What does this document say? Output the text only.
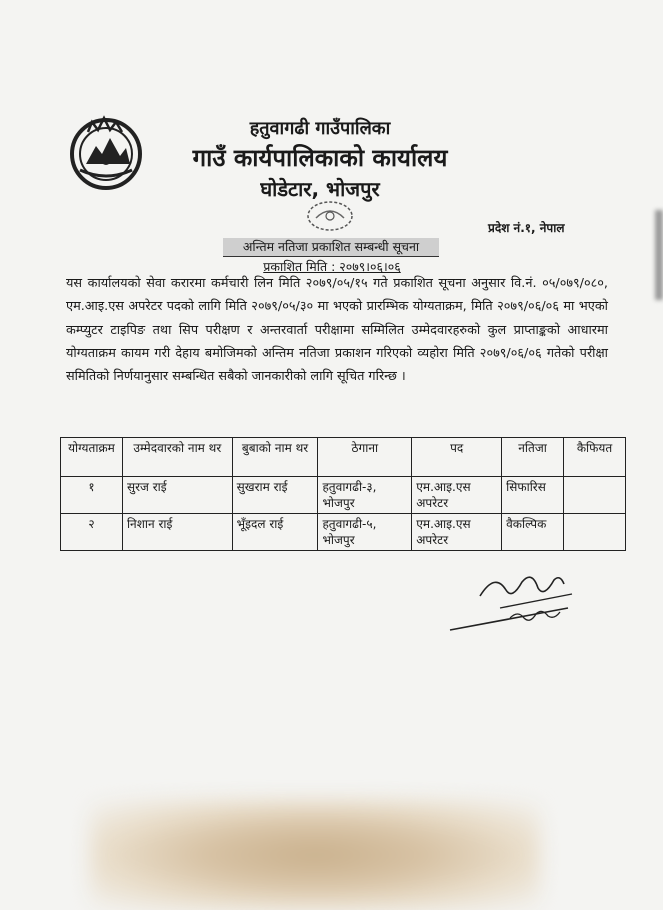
हतुवागढी गाउँपालिका

गाउँ कार्यपालिकाको कार्यालय

घोडेटार, भोजपुर

प्रदेश नं.१, नेपाल
अन्तिम नतिजा प्रकाशित सम्बन्धी सूचना
प्रकाशित मिति : २०७९।०६।०६
यस कार्यालयको सेवा करारमा कर्मचारी लिन मिति २०७९/०५/१५ गते प्रकाशित सूचना अनुसार वि.नं. ०५/०७९/०८०, एम.आइ.एस अपरेटर पदको लागि मिति २०७९/०५/३० मा भएको प्रारम्भिक योग्यताक्रम, मिति २०७९/०६/०६ मा भएको कम्प्युटर टाइपिङ तथा सिप परीक्षण र अन्तरवार्ता परीक्षामा सम्मिलित उम्मेदवारहरुको कुल प्राप्ताङ्कको आधारमा योग्यताक्रम कायम गरी देहाय बमोजिमको अन्तिम नतिजा प्रकाशन गरिएको व्यहोरा मिति २०७९/०६/०६ गतेको परीक्षा समितिको निर्णयानुसार सम्बन्धित सबैको जानकारीको लागि सूचित गरिन्छ ।
योग्यताक्रम	उम्मेदवारको नाम थर	बुबाको नाम थर	ठेगाना	पद	नतिजा	कैफियत
१	सुरज राई	सुखराम राई	हतुवागढी-३, भोजपुर	एम.आइ.एस अपरेटर	सिफारिस	
२	निशान राई	भूँइदल राई	हतुवागढी-५, भोजपुर	एम.आइ.एस अपरेटर	वैकल्पिक	
